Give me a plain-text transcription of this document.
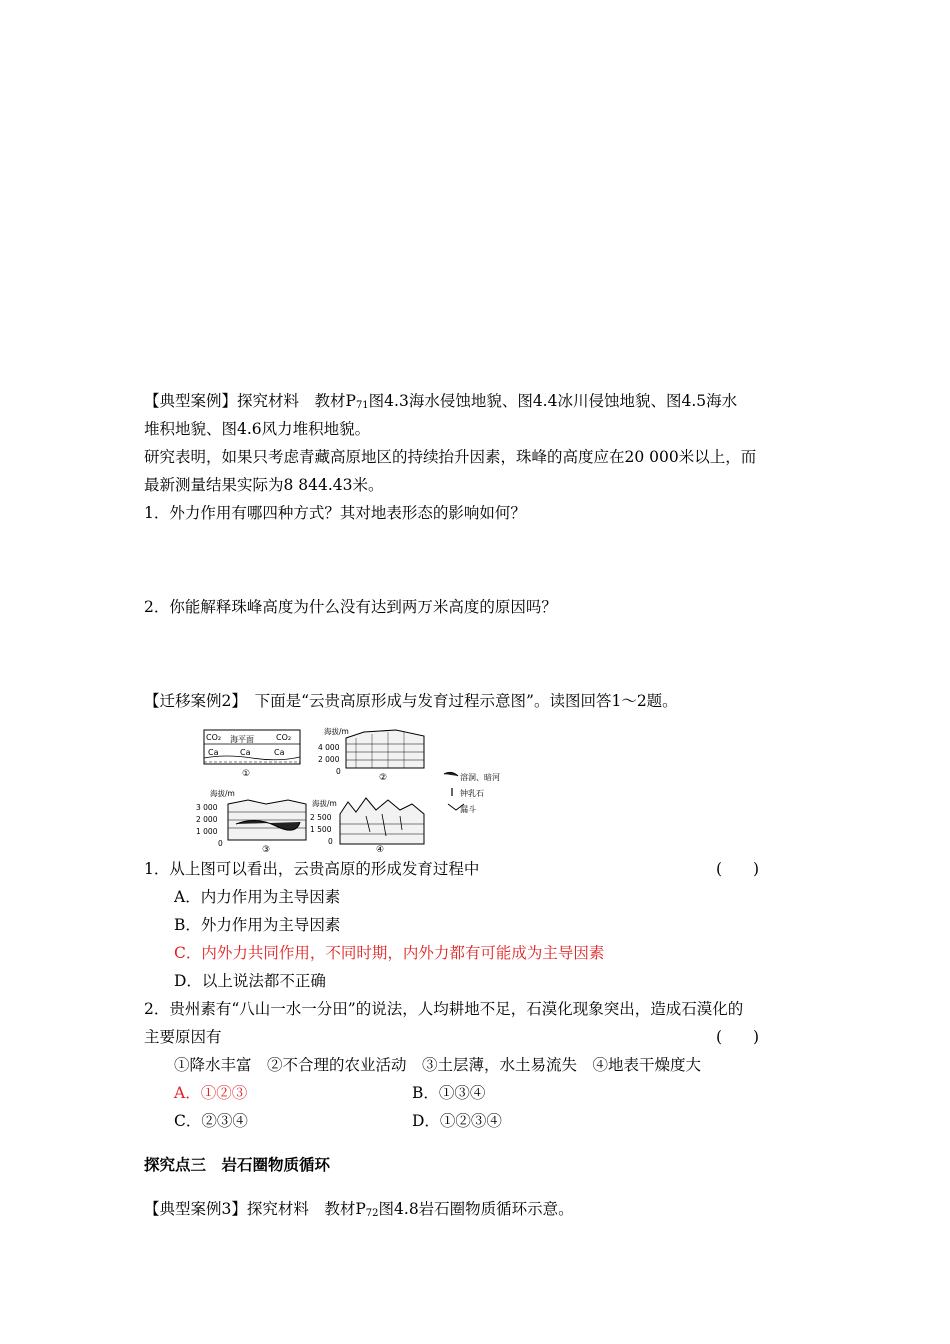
【典型案例】探究材料　教材$P_{71}$图4.3海水侵蚀地貌、图4.4冰川侵蚀地貌、图4.5海水
堆积地貌、图4.6风力堆积地貌。
研究表明，如果只考虑青藏高原地区的持续抬升因素，珠峰的高度应在20 000米以上，而
最新测量结果实际为8 844.43米。
1．外力作用有哪四种方式？其对地表形态的影响如何？
2．你能解释珠峰高度为什么没有达到两万米高度的原因吗？
【迁移案例2】　下面是“云贵高原形成与发育过程示意图”。读图回答1～2题。
CO₂ 海平面	CO₂
Ca	Ca	Ca
①
海拔/m
4 000
2 000
0
②
海拔/m
3 000
2 000
1 000
0
③
海拔/m
2 500
1 500
0
④
溶洞、暗河
钟乳石
漏斗
1．从上图可以看出，云贵高原的形成发育过程中	(　　)
A．内力作用为主导因素
B．外力作用为主导因素
C．内外力共同作用，不同时期，内外力都有可能成为主导因素
D．以上说法都不正确
2．贵州素有“八山一水一分田”的说法，人均耕地不足，石漠化现象突出，造成石漠化的
主要原因有	(　　)
①降水丰富　②不合理的农业活动　③土层薄，水土易流失　④地表干燥度大
A．①②③	B．①③④
C．②③④	D．①②③④
探究点三　岩石圈物质循环
【典型案例3】探究材料　教材$P_{72}$图4.8岩石圈物质循环示意。
